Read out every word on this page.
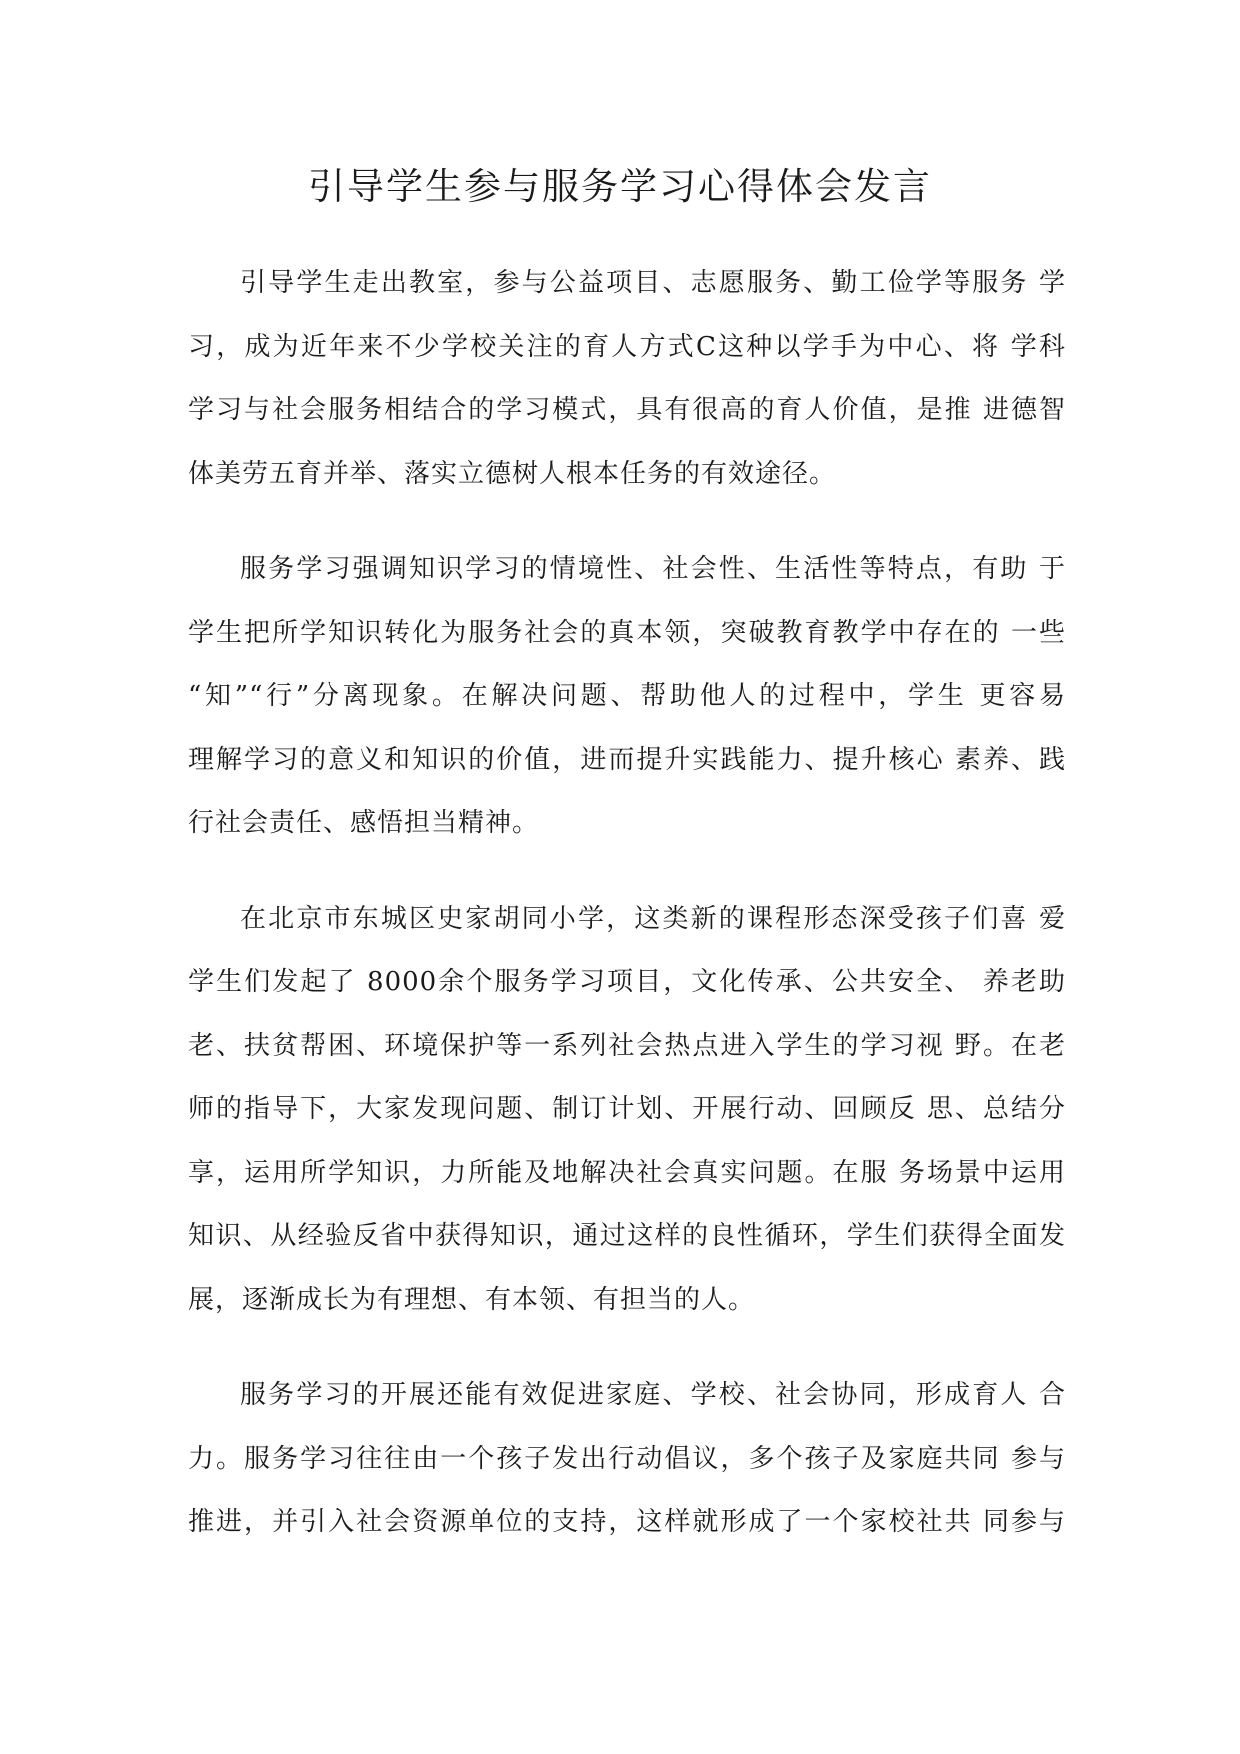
引导学生参与服务学习心得体会发言
引导学生走出教室，参与公益项目、志愿服务、勤工俭学等服务 学
习，成为近年来不少学校关注的育人方式C这种以学手为中心、将 学科
学习与社会服务相结合的学习模式，具有很高的育人价值，是推 进德智
体美劳五育并举、落实立德树人根本任务的有效途径。
服务学习强调知识学习的情境性、社会性、生活性等特点，有助 于
学生把所学知识转化为服务社会的真本领，突破教育教学中存在的 一些
“知”“行”分离现象。在解决问题、帮助他人的过程中，学生 更容易
理解学习的意义和知识的价值，进而提升实践能力、提升核心 素养、践
行社会责任、感悟担当精神。
在北京市东城区史家胡同小学，这类新的课程形态深受孩子们喜 爱
学生们发起了 8000余个服务学习项目，文化传承、公共安全、 养老助
老、扶贫帮困、环境保护等一系列社会热点进入学生的学习视 野。在老
师的指导下，大家发现问题、制订计划、开展行动、回顾反 思、总结分
享，运用所学知识，力所能及地解决社会真实问题。在服 务场景中运用
知识、从经验反省中获得知识，通过这样的良性循环，学生们获得全面发
展，逐渐成长为有理想、有本领、有担当的人。
服务学习的开展还能有效促进家庭、学校、社会协同，形成育人 合
力。服务学习往往由一个孩子发出行动倡议，多个孩子及家庭共同 参与
推进，并引入社会资源单位的支持，这样就形成了一个家校社共 同参与
